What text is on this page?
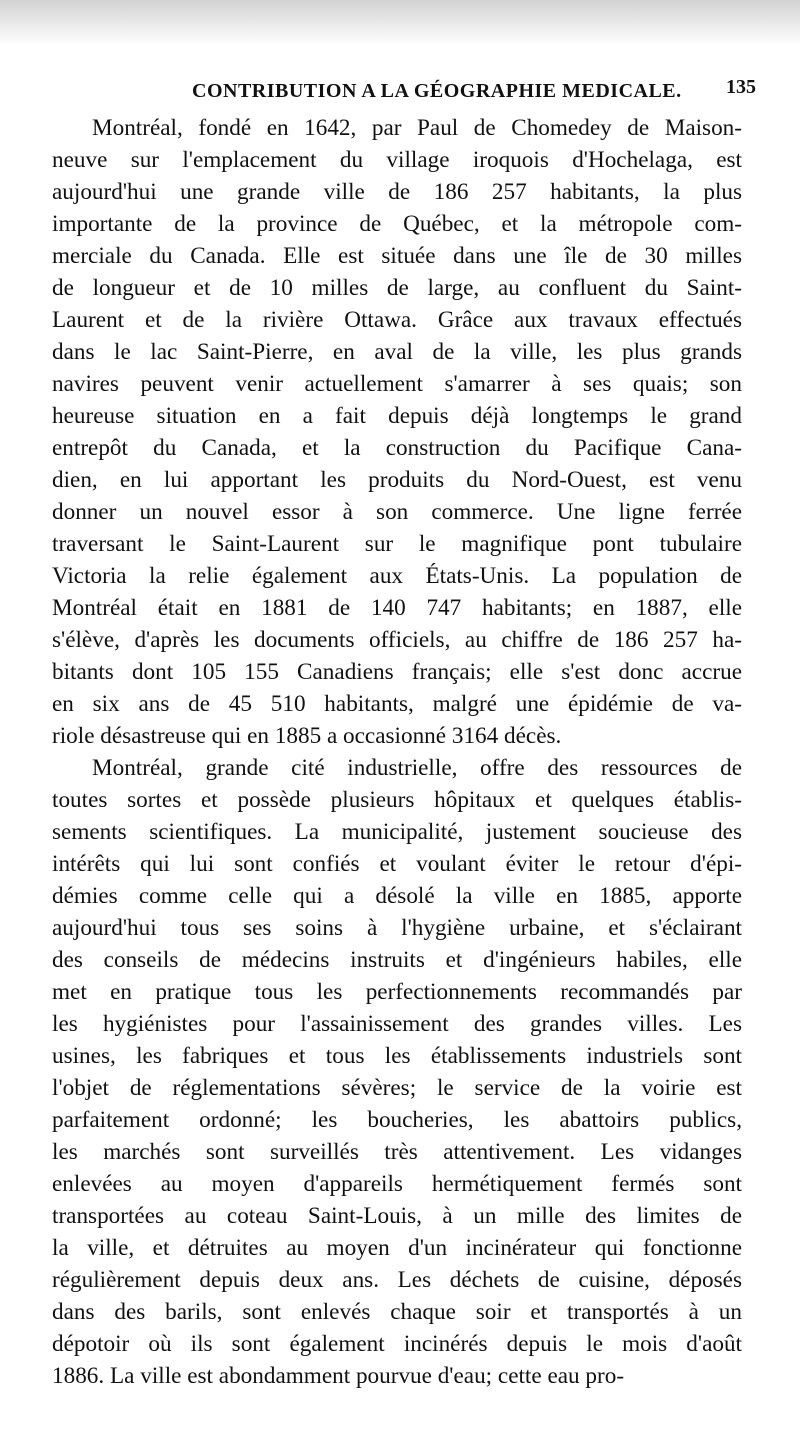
CONTRIBUTION A LA GÉOGRAPHIE MEDICALE. 135

Montréal, fondé en 1642, par Paul de Chomedey de Maison-
neuve sur l'emplacement du village iroquois d'Hochelaga, est
aujourd'hui une grande ville de 186 257 habitants, la plus
importante de la province de Québec, et la métropole com-
merciale du Canada. Elle est située dans une île de 30 milles
de longueur et de 10 milles de large, au confluent du Saint-
Laurent et de la rivière Ottawa. Grâce aux travaux effectués
dans le lac Saint-Pierre, en aval de la ville, les plus grands
navires peuvent venir actuellement s'amarrer à ses quais; son
heureuse situation en a fait depuis déjà longtemps le grand
entrepôt du Canada, et la construction du Pacifique Cana-
dien, en lui apportant les produits du Nord-Ouest, est venu
donner un nouvel essor à son commerce. Une ligne ferrée
traversant le Saint-Laurent sur le magnifique pont tubulaire
Victoria la relie également aux États-Unis. La population de
Montréal était en 1881 de 140 747 habitants; en 1887, elle
s'élève, d'après les documents officiels, au chiffre de 186 257 ha-
bitants dont 105 155 Canadiens français; elle s'est donc accrue
en six ans de 45 510 habitants, malgré une épidémie de va-
riole désastreuse qui en 1885 a occasionné 3164 décès.

Montréal, grande cité industrielle, offre des ressources de
toutes sortes et possède plusieurs hôpitaux et quelques établis-
sements scientifiques. La municipalité, justement soucieuse des
intérêts qui lui sont confiés et voulant éviter le retour d'épi-
démies comme celle qui a désolé la ville en 1885, apporte
aujourd'hui tous ses soins à l'hygiène urbaine, et s'éclairant
des conseils de médecins instruits et d'ingénieurs habiles, elle
met en pratique tous les perfectionnements recommandés par
les hygiénistes pour l'assainissement des grandes villes. Les
usines, les fabriques et tous les établissements industriels sont
l'objet de réglementations sévères; le service de la voirie est
parfaitement ordonné; les boucheries, les abattoirs publics,
les marchés sont surveillés très attentivement. Les vidanges
enlevées au moyen d'appareils hermétiquement fermés sont
transportées au coteau Saint-Louis, à un mille des limites de
la ville, et détruites au moyen d'un incinérateur qui fonctionne
régulièrement depuis deux ans. Les déchets de cuisine, déposés
dans des barils, sont enlevés chaque soir et transportés à un
dépotoir où ils sont également incinérés depuis le mois d'août
1886. La ville est abondamment pourvue d'eau; cette eau pro-
